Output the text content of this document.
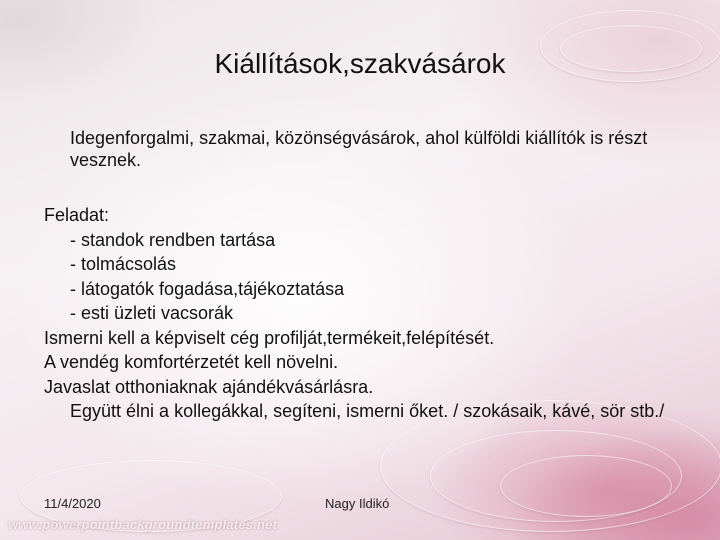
Kiállítások,szakvásárok
Idegenforgalmi, szakmai, közönségvásárok, ahol külföldi kiállítók is részt vesznek.
Feladat:
- standok rendben tartása
- tolmácsolás
- látogatók fogadása,tájékoztatása
- esti üzleti vacsorák
Ismerni kell a képviselt cég profilját,termékeit,felépítését.
A vendég komfortérzetét kell növelni.
Javaslat otthoniaknak ajándékvásárlásra.
Együtt élni a kollegákkal, segíteni, ismerni őket. / szokásaik, kávé, sör stb./
11/4/2020	Nagy Ildikó
www.powerpointbackgroundtemplates.net
